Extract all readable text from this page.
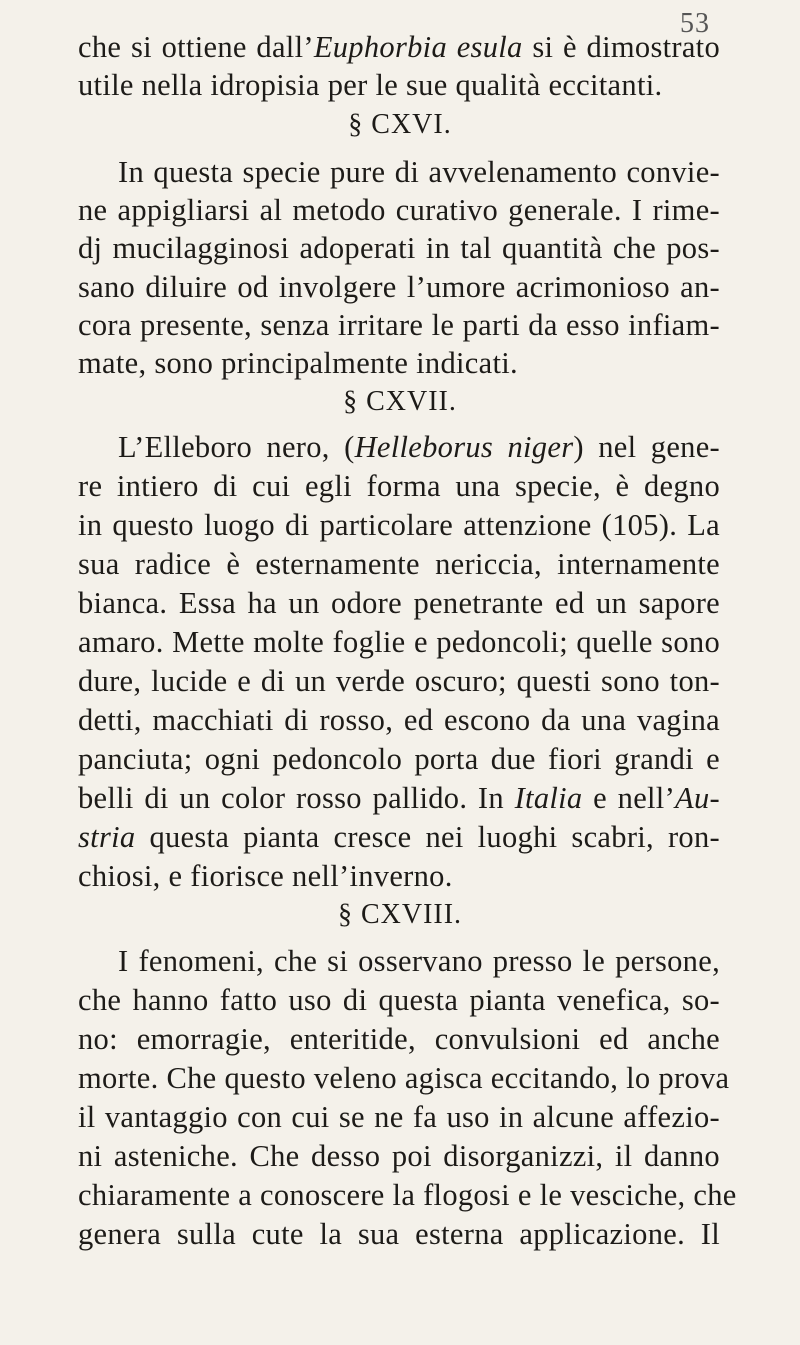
53
che si ottiene dall’Euphorbia esula si è dimostrato
utile nella idropisia per le sue qualità eccitanti.
§ CXVI.
In questa specie pure di avvelenamento convie-
ne appigliarsi al metodo curativo generale. I rime-
dj mucilagginosi adoperati in tal quantità che pos-
sano diluire od involgere l’umore acrimonioso an-
cora presente, senza irritare le parti da esso infiam-
mate, sono principalmente indicati.
§ CXVII.
L’Elleboro nero, (Helleborus niger) nel gene-
re intiero di cui egli forma una specie, è degno
in questo luogo di particolare attenzione (105). La
sua radice è esternamente nericcia, internamente
bianca. Essa ha un odore penetrante ed un sapore
amaro. Mette molte foglie e pedoncoli; quelle sono
dure, lucide e di un verde oscuro; questi sono ton-
detti, macchiati di rosso, ed escono da una vagina
panciuta; ogni pedoncolo porta due fiori grandi e
belli di un color rosso pallido. In Italia e nell’Au-
stria questa pianta cresce nei luoghi scabri, ron-
chiosi, e fiorisce nell’inverno.
§ CXVIII.
I fenomeni, che si osservano presso le persone,
che hanno fatto uso di questa pianta venefica, so-
no: emorragie, enteritide, convulsioni ed anche
morte. Che questo veleno agisca eccitando, lo prova
il vantaggio con cui se ne fa uso in alcune affezio-
ni asteniche. Che desso poi disorganizzi, il danno
chiaramente a conoscere la flogosi e le vesciche, che
genera sulla cute la sua esterna applicazione. Il
